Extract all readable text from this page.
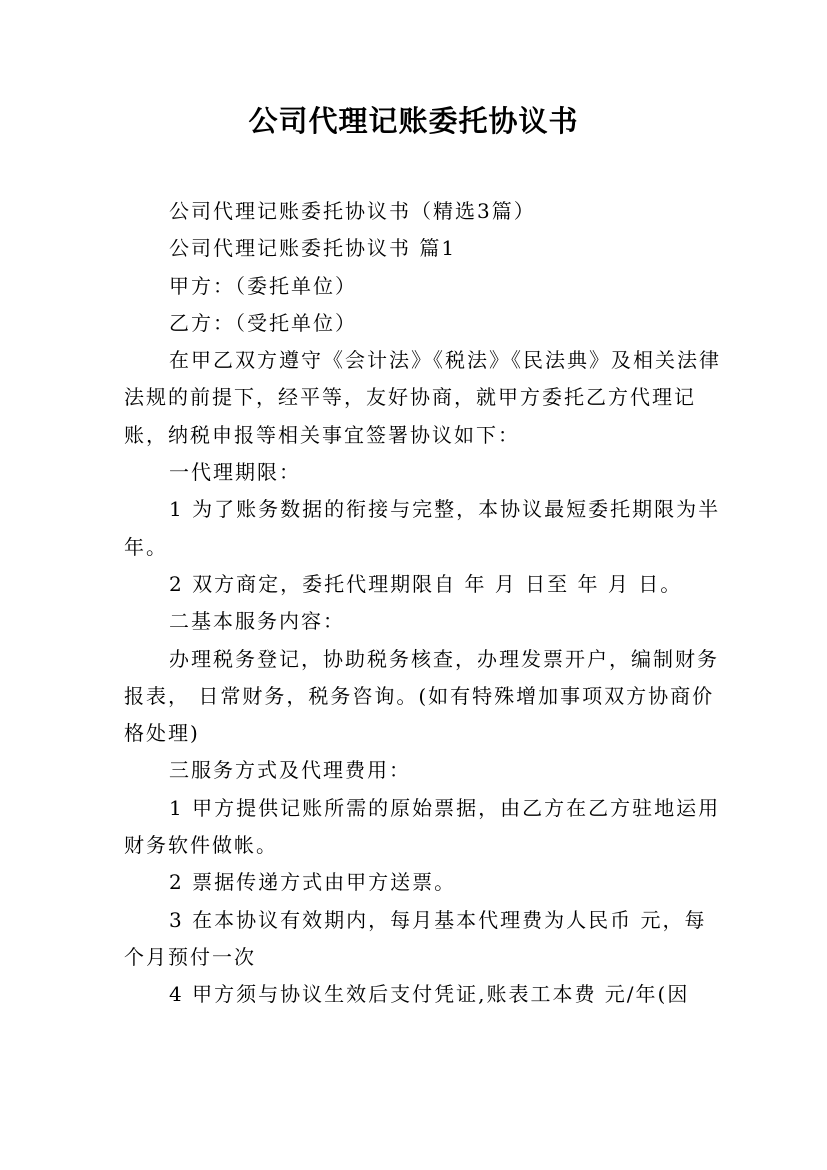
公司代理记账委托协议书

公司代理记账委托协议书（精选3篇）

公司代理记账委托协议书 篇1

甲方：（委托单位）

乙方：（受托单位）

在甲乙双方遵守《会计法》《税法》《民法典》及相关法律法规的前提下，经平等，友好协商，就甲方委托乙方代理记账，纳税申报等相关事宜签署协议如下：

一代理期限：

1 为了账务数据的衔接与完整，本协议最短委托期限为半年。

2 双方商定，委托代理期限自 年 月 日至 年 月 日。

二基本服务内容：

办理税务登记，协助税务核查，办理发票开户，编制财务报表， 日常财务，税务咨询。(如有特殊增加事项双方协商价格处理)

三服务方式及代理费用：

1 甲方提供记账所需的原始票据，由乙方在乙方驻地运用财务软件做帐。

2 票据传递方式由甲方送票。

3 在本协议有效期内，每月基本代理费为人民币 元，每 个月预付一次

4 甲方须与协议生效后支付凭证,账表工本费 元/年(因
